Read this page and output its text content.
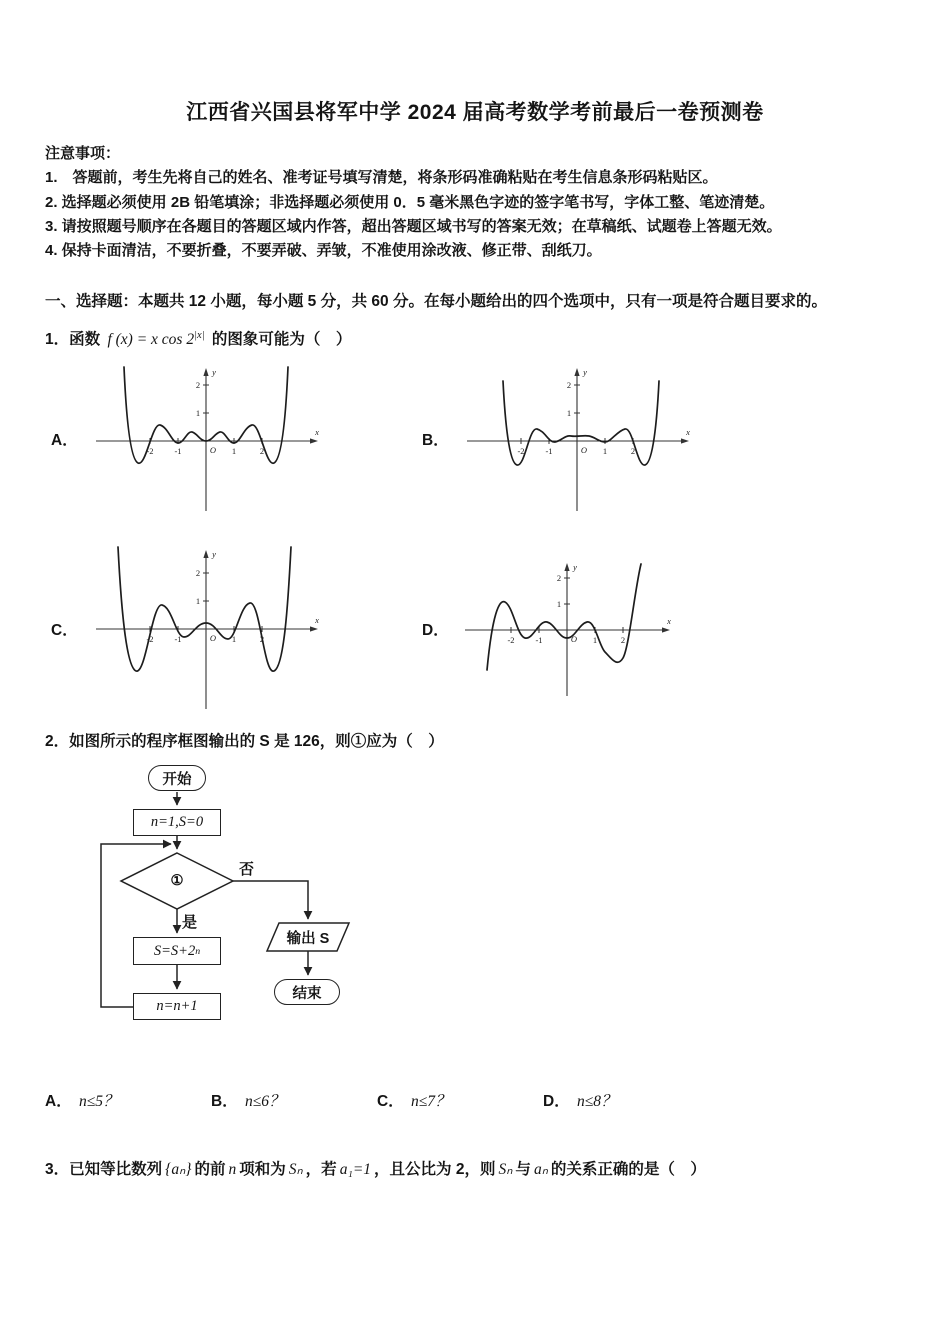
江西省兴国县将军中学 2024 届高考数学考前最后一卷预测卷
注意事项：
1.　答题前，考生先将自己的姓名、准考证号填写清楚，将条形码准确粘贴在考生信息条形码粘贴区。
2. 选择题必须使用 2B 铅笔填涂；非选择题必须使用 0．5 毫米黑色字迹的签字笔书写，字体工整、笔迹清楚。
3. 请按照题号顺序在各题目的答题区域内作答，超出答题区域书写的答案无效；在草稿纸、试题卷上答题无效。
4. 保持卡面清洁，不要折叠，不要弄破、弄皱，不准使用涂改液、修正带、刮纸刀。
一、选择题：本题共 12 小题，每小题 5 分，共 60 分。在每小题给出的四个选项中，只有一项是符合题目要求的。
1．函数 f (x) = x $\cos 2^{|x|}$ 的图象可能为（　）
A．
-2 -1	1	2
1
2
O
x
y
B．
-2 -1	1	2
1
2
O
x
y
C．	-2 -1	1	2
1
2
O
x
y
D．
-2 -1	1	2
1
2
O
x
y
2．如图所示的程序框图输出的 S 是 126，则①应为（　）
开始
n=1,S=0
①
否
是
S=S+2 n
n=n+1
输出 S
结束
A． n≤5？	B． n≤6？	C． n≤7？	D． n≤8？
3．已知等比数列 {aₙ} 的前 n 项和为 Sₙ ，若 a₁=1 ，且公比为 2，则 Sₙ 与 aₙ 的关系正确的是（　）
